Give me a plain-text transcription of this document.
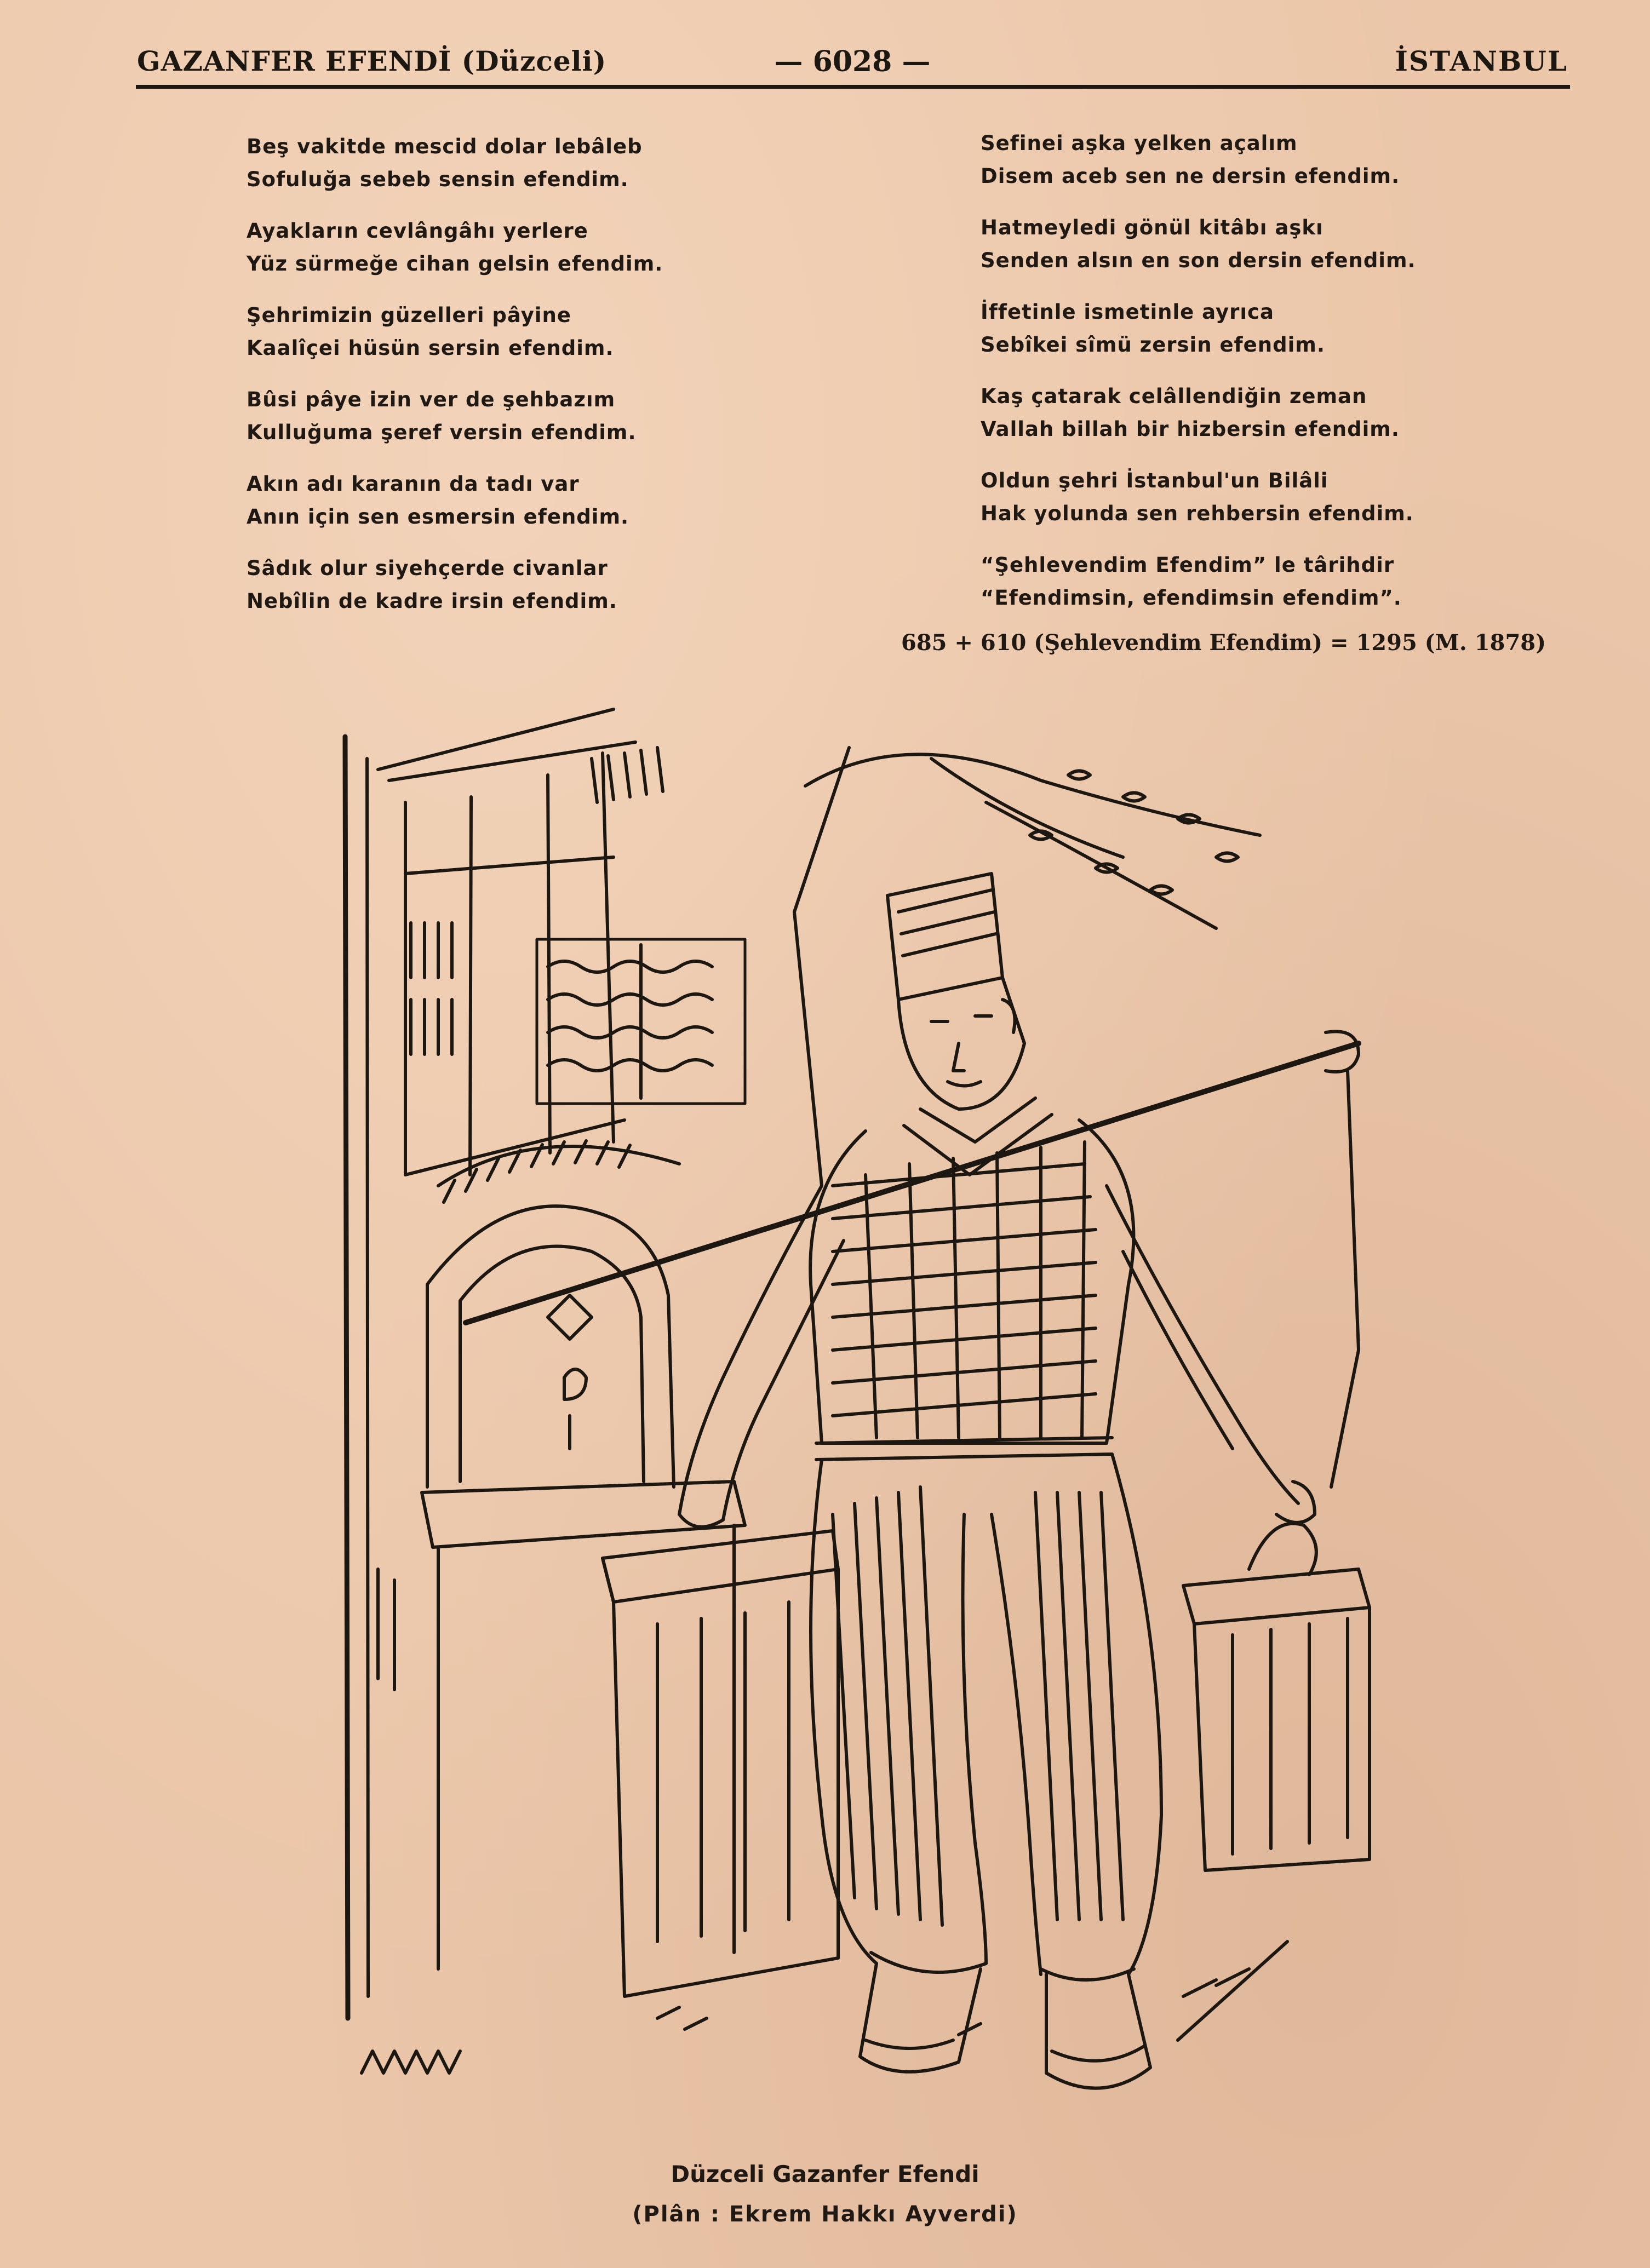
GAZANFER EFENDİ (Düzceli)	— 6028 —	İSTANBUL
Beş vakitde mescid dolar lebâleb
Sofuluğa sebeb sensin efendim.
Ayakların cevlângâhı yerlere
Yüz sürmeğe cihan gelsin efendim.
Şehrimizin güzelleri pâyine
Kaalîçei hüsün sersin efendim.
Bûsi pâye izin ver de şehbazım
Kulluğuma şeref versin efendim.
Akın adı karanın da tadı var
Anın için sen esmersin efendim.
Sâdık olur siyehçerde civanlar
Nebîlin de kadre irsin efendim.
Sefinei aşka yelken açalım
Disem aceb sen ne dersin efendim.
Hatmeyledi gönül kitâbı aşkı
Senden alsın en son dersin efendim.
İffetinle ismetinle ayrıca
Sebîkei sîmü zersin efendim.
Kaş çatarak celâllendiğin zeman
Vallah billah bir hizbersin efendim.
Oldun şehri İstanbul'un Bilâli
Hak yolunda sen rehbersin efendim.
“Şehlevendim Efendim” le târihdir
“Efendimsin, efendimsin efendim”.
685 + 610 (Şehlevendim Efendim) = 1295 (M. 1878)
Düzceli Gazanfer Efendi
(Plân : Ekrem Hakkı Ayverdi)
